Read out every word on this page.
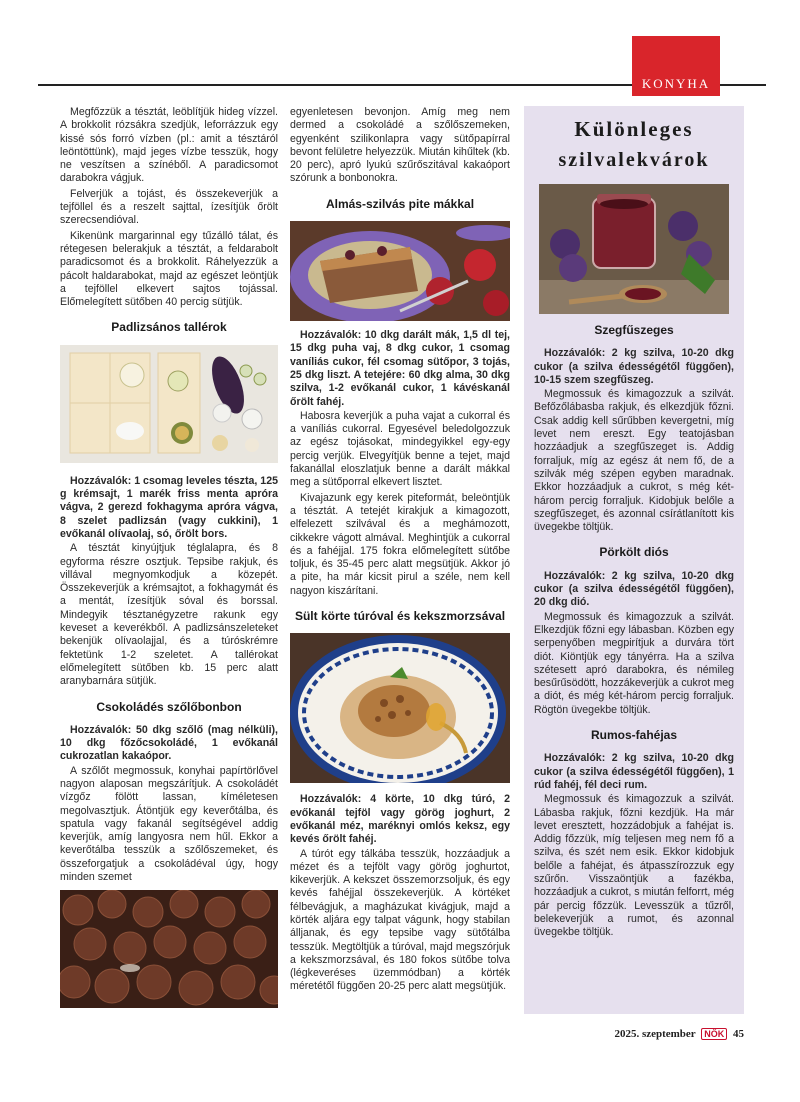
KONYHA

Megfőzzük a tésztát, leöblítjük hideg vízzel. A brokkolit rózsákra szedjük, leforrázzuk egy kissé sós forró vízben (pl.: amit a tésztáról leöntöttünk), majd jeges vízbe tesszük, hogy ne veszítsen a színéből. A paradicsomot darabokra vágjuk.

Felverjük a tojást, és összekeverjük a tejföllel és a reszelt sajttal, ízesítjük őrölt szerecsendióval.

Kikenünk margarinnal egy tűzálló tálat, és rétegesen belerakjuk a tésztát, a feldarabolt paradicsomot és a brokkolit. Ráhelyezzük a pácolt haldarabokat, majd az egészet leöntjük a tejföllel elkevert sajtos tojással. Előmelegített sütőben 40 percig sütjük.

Padlizsános tallérok

Hozzávalók: 1 csomag leveles tészta, 125 g krémsajt, 1 marék friss menta apróra vágva, 2 gerezd fokhagyma apróra vágva, 8 szelet padlizsán (vagy cukkini), 1 evőkanál olívaolaj, só, őrölt bors.

A tésztát kinyújtjuk téglalapra, és 8 egyforma részre osztjuk. Tepsibe rakjuk, és villával megnyomkodjuk a közepét. Összekeverjük a krémsajtot, a fokhagymát és a mentát, ízesítjük sóval és borssal. Mindegyik tésztanégyzetre rakunk egy keveset a keverékből. A padlizsánszeleteket bekenjük olívaolajjal, és a túróskrémre fektetünk 1-2 szeletet. A tallérokat előmelegített sütőben kb. 15 perc alatt aranybarnára sütjük.

Csokoládés szőlőbonbon

Hozzávalók: 50 dkg szőlő (mag nélküli), 10 dkg főzőcsokoládé, 1 evőkanál cukrozatlan kakaópor.

A szőlőt megmossuk, konyhai papírtörlővel nagyon alaposan megszárítjuk. A csokoládét vízgőz fölött lassan, kíméletesen megolvasztjuk. Átöntjük egy keverőtálba, és spatula vagy fakanál segítségével addig keverjük, amíg langyosra nem hűl. Ekkor a keverőtálba tesszük a szőlőszemeket, és összeforgatjuk a csokoládéval úgy, hogy minden szemet

egyenletesen bevonjon. Amíg meg nem dermed a csokoládé a szőlőszemeken, egyenként szilikonlapra vagy sütőpapírral bevont felületre helyezzük. Miután kihűltek (kb. 20 perc), apró lyukú szűrőszitával kakaóport szórunk a bonbonokra.

Almás-szilvás pite mákkal

Hozzávalók: 10 dkg darált mák, 1,5 dl tej, 15 dkg puha vaj, 8 dkg cukor, 1 csomag vaníliás cukor, fél csomag sütőpor, 3 tojás, 25 dkg liszt. A tetejére: 60 dkg alma, 30 dkg szilva, 1-2 evőkanál cukor, 1 kávéskanál őrölt fahéj.

Habosra keverjük a puha vajat a cukorral és a vaníliás cukorral. Egyesével beledolgozzuk az egész tojásokat, mindegyikkel egy-egy percig verjük. Elvegyítjük benne a tejet, majd fakanállal eloszlatjuk benne a darált mákkal meg a sütőporral elkevert lisztet.

Kivajazunk egy kerek piteformát, beleöntjük a tésztát. A tetejét kirakjuk a kimagozott, elfelezett szilvával és a meghámozott, cikkekre vágott almával. Meghintjük a cukorral és a fahéjjal. 175 fokra előmelegített sütőbe toljuk, és 35-45 perc alatt megsütjük. Akkor jó a pite, ha már kicsit pirul a széle, nem kell nagyon kiszárítani.

Sült körte túróval és kekszmorzsával

Hozzávalók: 4 körte, 10 dkg túró, 2 evőkanál tejföl vagy görög joghurt, 2 evőkanál méz, maréknyi omlós keksz, egy kevés őrölt fahéj.

A túrót egy tálkába tesszük, hozzáadjuk a mézet és a tejfölt vagy görög joghurtot, kikeverjük. A kekszet összemorzsoljuk, és egy kevés fahéjjal összekeverjük. A körtéket félbevágjuk, a magházukat kivágjuk, majd a körték aljára egy talpat vágunk, hogy stabilan álljanak, és egy tepsibe vagy sütőtálba tesszük. Megtöltjük a túróval, majd megszórjuk a kekszmorzsával, és 180 fokos sütőbe tolva (légkeveréses üzemmódban) a körték méretétől függően 20-25 perc alatt megsütjük.

Különleges
szilvalekvárok
Szegfűszeges

Hozzávalók: 2 kg szilva, 10-20 dkg cukor (a szilva édességétől függően), 10-15 szem szegfűszeg.

Megmossuk és kimagozzuk a szilvát. Befőzőlábasba rakjuk, és elkezdjük főzni. Csak addig kell sűrűbben kevergetni, míg levet nem ereszt. Egy teatojásban hozzáadjuk a szegfűszeget is. Addig forraljuk, míg az egész át nem fő, de a szilvák még szépen egyben maradnak. Ekkor hozzáadjuk a cukrot, s még két-három percig forraljuk. Kidobjuk belőle a szegfűszeget, és azonnal csírátlanított kis üvegekbe töltjük.

Pörkölt diós

Hozzávalók: 2 kg szilva, 10-20 dkg cukor (a szilva édességétől függően), 20 dkg dió.

Megmossuk és kimagozzuk a szilvát. Elkezdjük főzni egy lábasban. Közben egy serpenyőben megpirítjuk a durvára tört diót. Kiöntjük egy tányérra. Ha a szilva szétesett apró darabokra, és némileg besűrűsödött, hozzákeverjük a cukrot meg a diót, és még két-három percig forraljuk. Rögtön üvegekbe töltjük.

Rumos-fahéjas

Hozzávalók: 2 kg szilva, 10-20 dkg cukor (a szilva édességétől függően), 1 rúd fahéj, fél deci rum.

Megmossuk és kimagozzuk a szilvát. Lábasba rakjuk, főzni kezdjük. Ha már levet eresztett, hozzádobjuk a fahéjat is. Addig főzzük, míg teljesen meg nem fő a szilva, és szét nem esik. Ekkor kidobjuk belőle a fahéjat, és átpasszírozzuk egy szűrőn. Visszaöntjük a fazékba, hozzáadjuk a cukrot, s miután felforrt, még pár percig főzzük. Levesszük a tűzről, belekeverjük a rumot, és azonnal üvegekbe töltjük.

2025. szeptember NŐK 45
